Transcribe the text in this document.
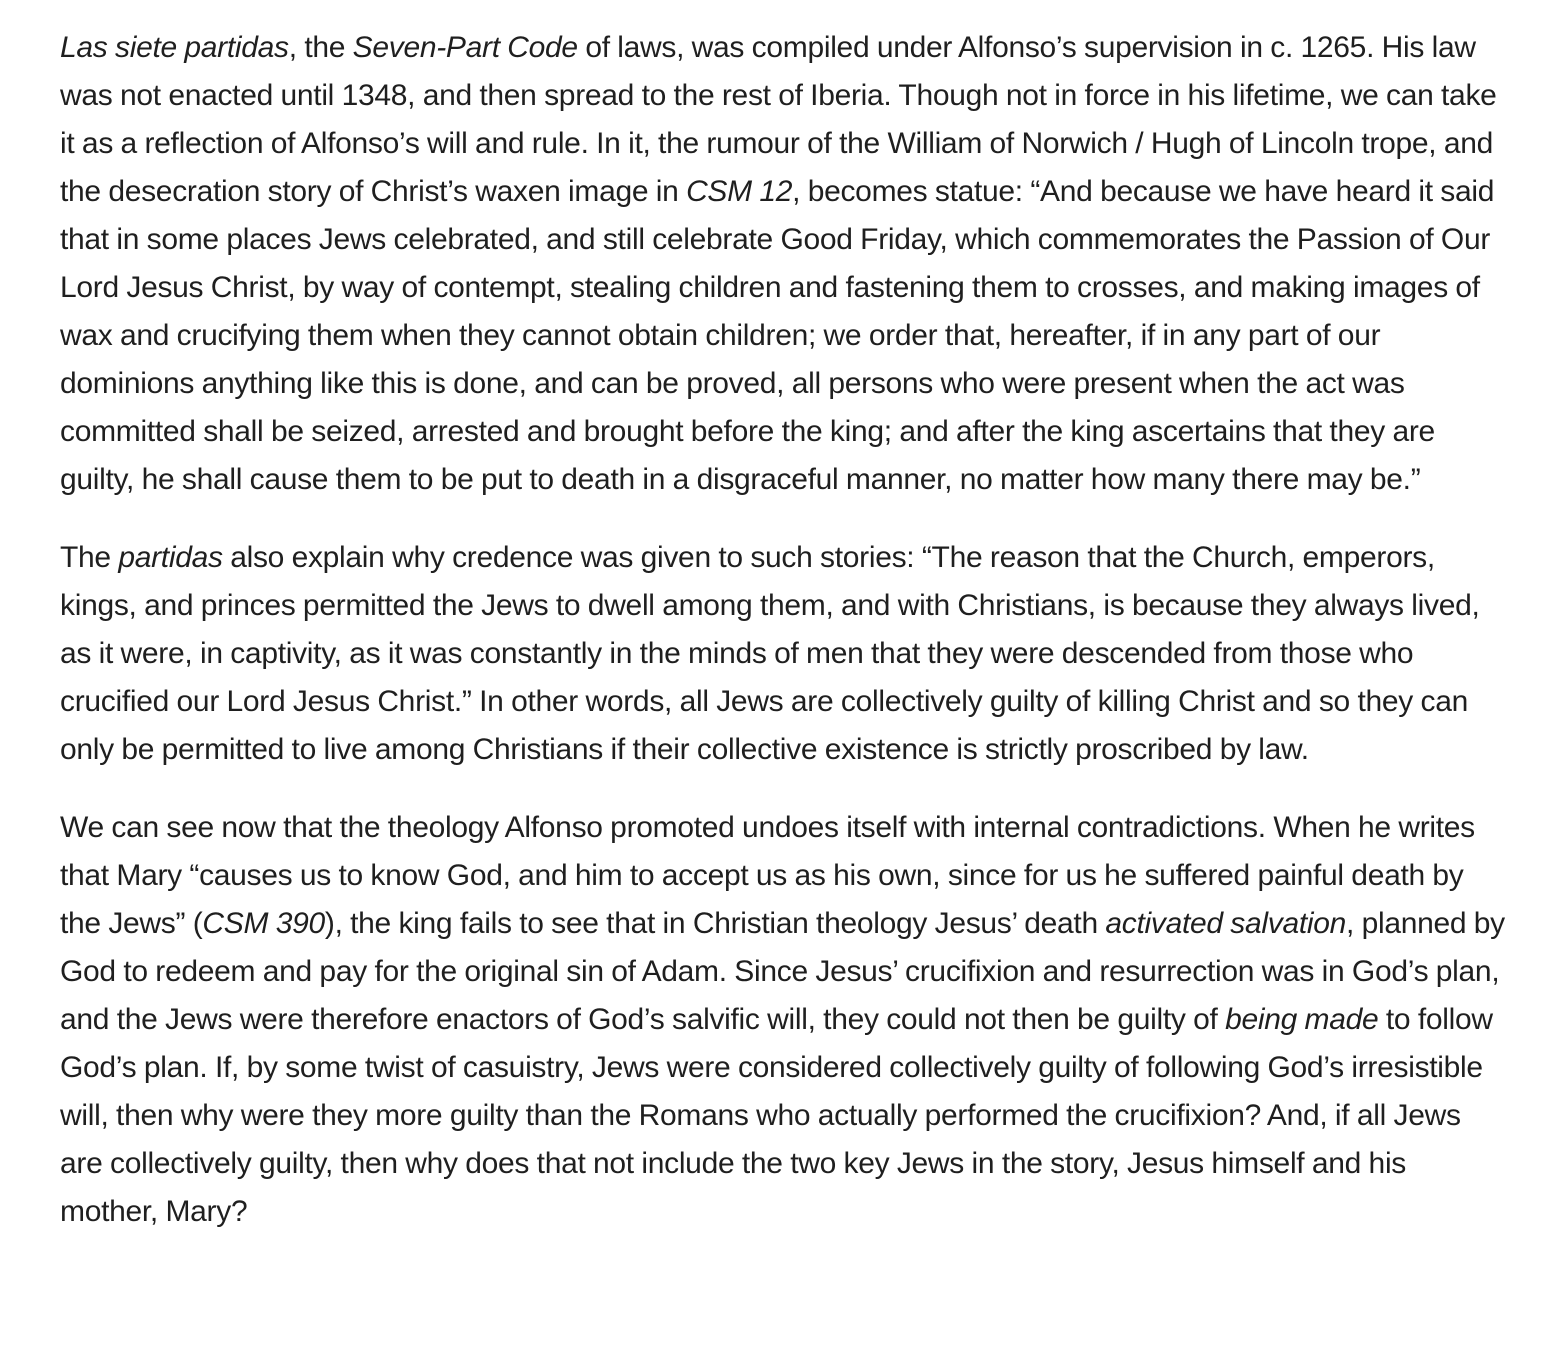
Las siete partidas, the Seven-Part Code of laws, was compiled under Alfonso’s supervision in c. 1265. His law was not enacted until 1348, and then spread to the rest of Iberia. Though not in force in his lifetime, we can take it as a reflection of Alfonso’s will and rule. In it, the rumour of the William of Norwich / Hugh of Lincoln trope, and the desecration story of Christ’s waxen image in CSM 12, becomes statue: “And because we have heard it said that in some places Jews celebrated, and still celebrate Good Friday, which commemorates the Passion of Our Lord Jesus Christ, by way of contempt, stealing children and fastening them to crosses, and making images of wax and crucifying them when they cannot obtain children; we order that, hereafter, if in any part of our dominions anything like this is done, and can be proved, all persons who were present when the act was committed shall be seized, arrested and brought before the king; and after the king ascertains that they are guilty, he shall cause them to be put to death in a disgraceful manner, no matter how many there may be.”

The partidas also explain why credence was given to such stories: “The reason that the Church, emperors, kings, and princes permitted the Jews to dwell among them, and with Christians, is because they always lived, as it were, in captivity, as it was constantly in the minds of men that they were descended from those who crucified our Lord Jesus Christ.” In other words, all Jews are collectively guilty of killing Christ and so they can only be permitted to live among Christians if their collective existence is strictly proscribed by law.

We can see now that the theology Alfonso promoted undoes itself with internal contradictions. When he writes that Mary “causes us to know God, and him to accept us as his own, since for us he suffered painful death by the Jews” (CSM 390), the king fails to see that in Christian theology Jesus’ death activated salvation, planned by God to redeem and pay for the original sin of Adam. Since Jesus’ crucifixion and resurrection was in God’s plan, and the Jews were therefore enactors of God’s salvific will, they could not then be guilty of being made to follow God’s plan. If, by some twist of casuistry, Jews were considered collectively guilty of following God’s irresistible will, then why were they more guilty than the Romans who actually performed the crucifixion? And, if all Jews are collectively guilty, then why does that not include the two key Jews in the story, Jesus himself and his mother, Mary?
